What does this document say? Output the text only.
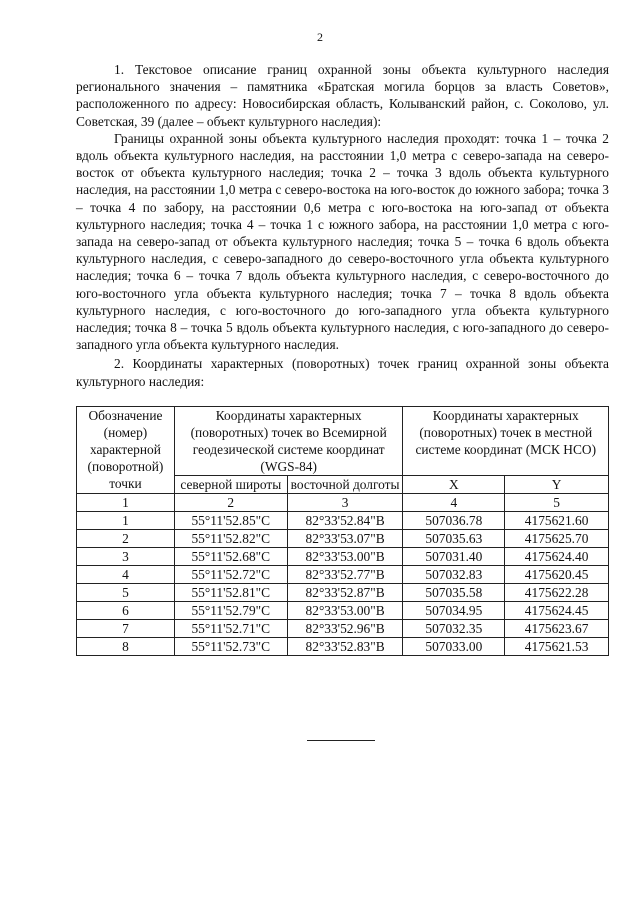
2

1. Текстовое описание границ охранной зоны объекта культурного наследия регионального значения – памятника «Братская могила борцов за власть Советов», расположенного по адресу: Новосибирская область, Колыванский район, с. Соколово, ул. Советская, 39 (далее – объект культурного наследия):

Границы охранной зоны объекта культурного наследия проходят: точка 1 – точка 2 вдоль объекта культурного наследия, на расстоянии 1,0 метра с северо-запада на северо-восток от объекта культурного наследия; точка 2 – точка 3 вдоль объекта культурного наследия, на расстоянии 1,0 метра с северо-востока на юго-восток до южного забора; точка 3 – точка 4 по забору, на расстоянии 0,6 метра с юго-востока на юго-запад от объекта культурного наследия; точка 4 – точка 1 с южного забора, на расстоянии 1,0 метра с юго-запада на северо-запад от объекта культурного наследия; точка 5 – точка 6 вдоль объекта культурного наследия, с северо-западного до северо-восточного угла объекта культурного наследия; точка 6 – точка 7 вдоль объекта культурного наследия, с северо-восточного до юго-восточного угла объекта культурного наследия; точка 7 – точка 8 вдоль объекта культурного наследия, с юго-восточного до юго-западного угла объекта культурного наследия; точка 8 – точка 5 вдоль объекта культурного наследия, с юго-западного до северо-западного угла объекта культурного наследия.

2. Координаты характерных (поворотных) точек границ охранной зоны объекта культурного наследия:

Обозначение (номер) характерной (поворотной) точки	Координаты характерных (поворотных) точек во Всемирной геодезической системе координат (WGS-84)		Координаты характерных (поворотных) точек в местной системе координат (МСК НСО)	
	северной широты	восточной долготы	X	Y
1	2	3	4	5
1	55°11'52.85"С	82°33'52.84"В	507036.78	4175621.60
2	55°11'52.82"С	82°33'53.07"В	507035.63	4175625.70
3	55°11'52.68"С	82°33'53.00"В	507031.40	4175624.40
4	55°11'52.72"С	82°33'52.77"В	507032.83	4175620.45
5	55°11'52.81"С	82°33'52.87"В	507035.58	4175622.28
6	55°11'52.79"С	82°33'53.00"В	507034.95	4175624.45
7	55°11'52.71"С	82°33'52.96"В	507032.35	4175623.67
8	55°11'52.73"С	82°33'52.83"В	507033.00	4175621.53
